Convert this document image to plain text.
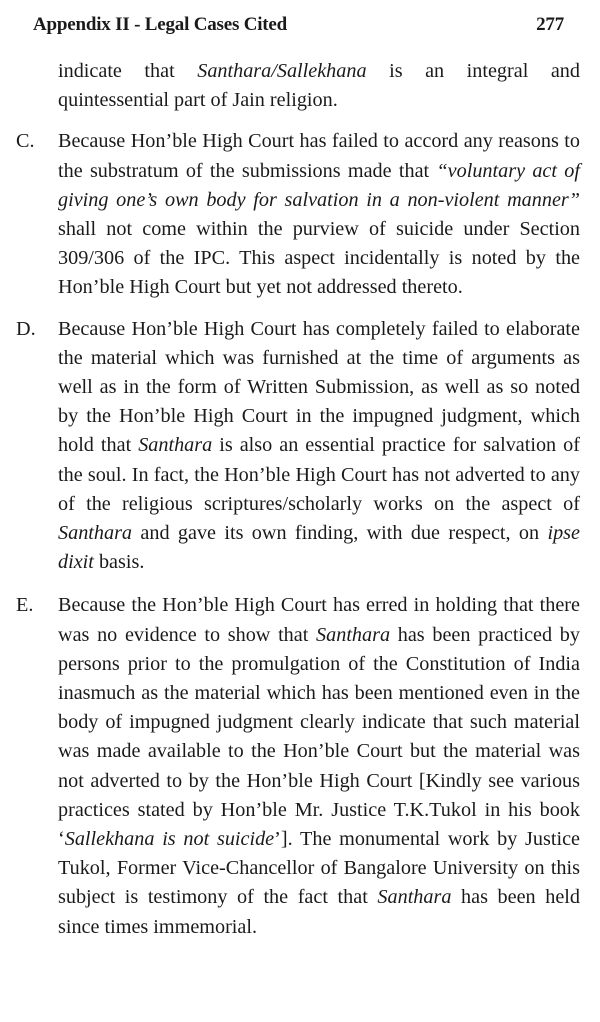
Appendix II - Legal Cases Cited	277

indicate that Santhara/Sallekhana is an integral and quintessential part of Jain religion.

C. Because Hon’ble High Court has failed to accord any reasons to the substratum of the submissions made that “voluntary act of giving one’s own body for salvation in a non-violent manner” shall not come within the purview of suicide under Section 309/306 of the IPC. This aspect incidentally is noted by the Hon’ble High Court but yet not addressed thereto.
D. Because Hon’ble High Court has completely failed to elaborate the material which was furnished at the time of arguments as well as in the form of Written Submission, as well as so noted by the Hon’ble High Court in the impugned judgment, which hold that Santhara is also an essential practice for salvation of the soul. In fact, the Hon’ble High Court has not adverted to any of the religious scriptures/scholarly works on the aspect of Santhara and gave its own finding, with due respect, on ipse dixit basis.
E. Because the Hon’ble High Court has erred in holding that there was no evidence to show that Santhara has been practiced by persons prior to the promulgation of the Constitution of India inasmuch as the material which has been mentioned even in the body of impugned judgment clearly indicate that such material was made available to the Hon’ble Court but the material was not adverted to by the Hon’ble High Court [Kindly see various practices stated by Hon’ble Mr. Justice T.K.Tukol in his book ‘Sallekhana is not suicide’]. The monumental work by Justice Tukol, Former Vice-Chancellor of Bangalore University on this subject is testimony of the fact that Santhara has been held since times immemorial.
